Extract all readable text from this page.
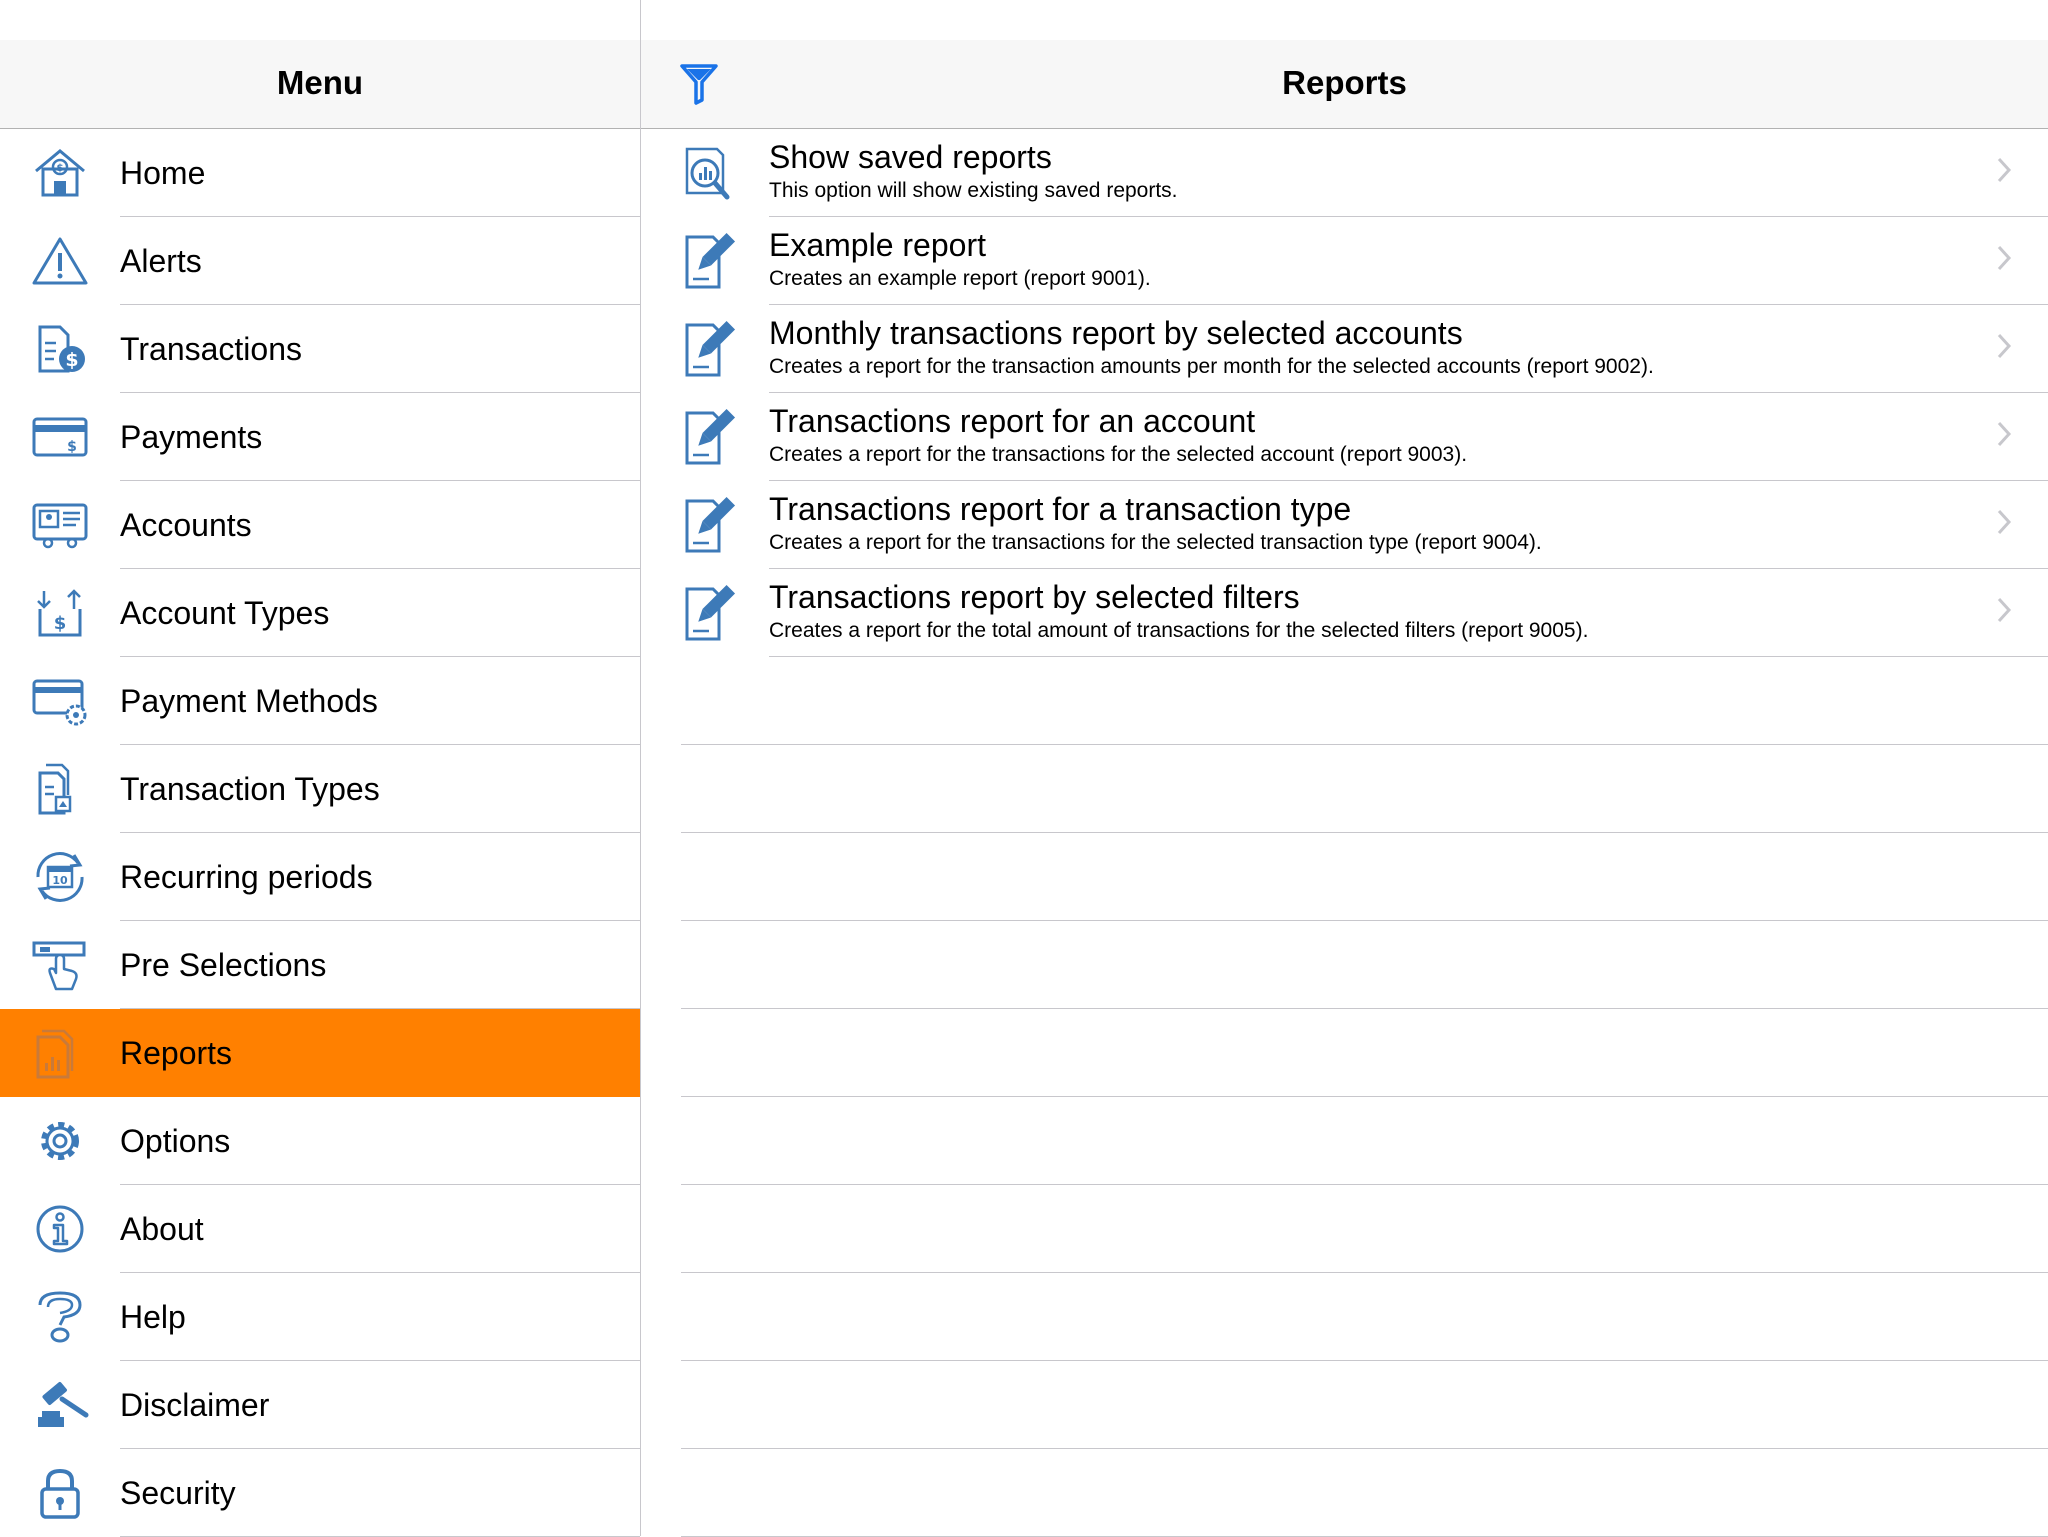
Menu
$ Home
Alerts
$ Transactions
$ Payments
Accounts
$ Account Types
Payment Methods
Transaction Types
10 Recurring periods
Pre Selections
Reports
Options
About
Help
Disclaimer
Security
Reports
Show saved reports
This option will show existing saved reports.
Example report
Creates an example report (report 9001).
Monthly transactions report by selected accounts
Creates a report for the transaction amounts per month for the selected accounts (report 9002).
Transactions report for an account
Creates a report for the transactions for the selected account (report 9003).
Transactions report for a transaction type
Creates a report for the transactions for the selected transaction type (report 9004).
Transactions report by selected filters
Creates a report for the total amount of transactions for the selected filters (report 9005).
